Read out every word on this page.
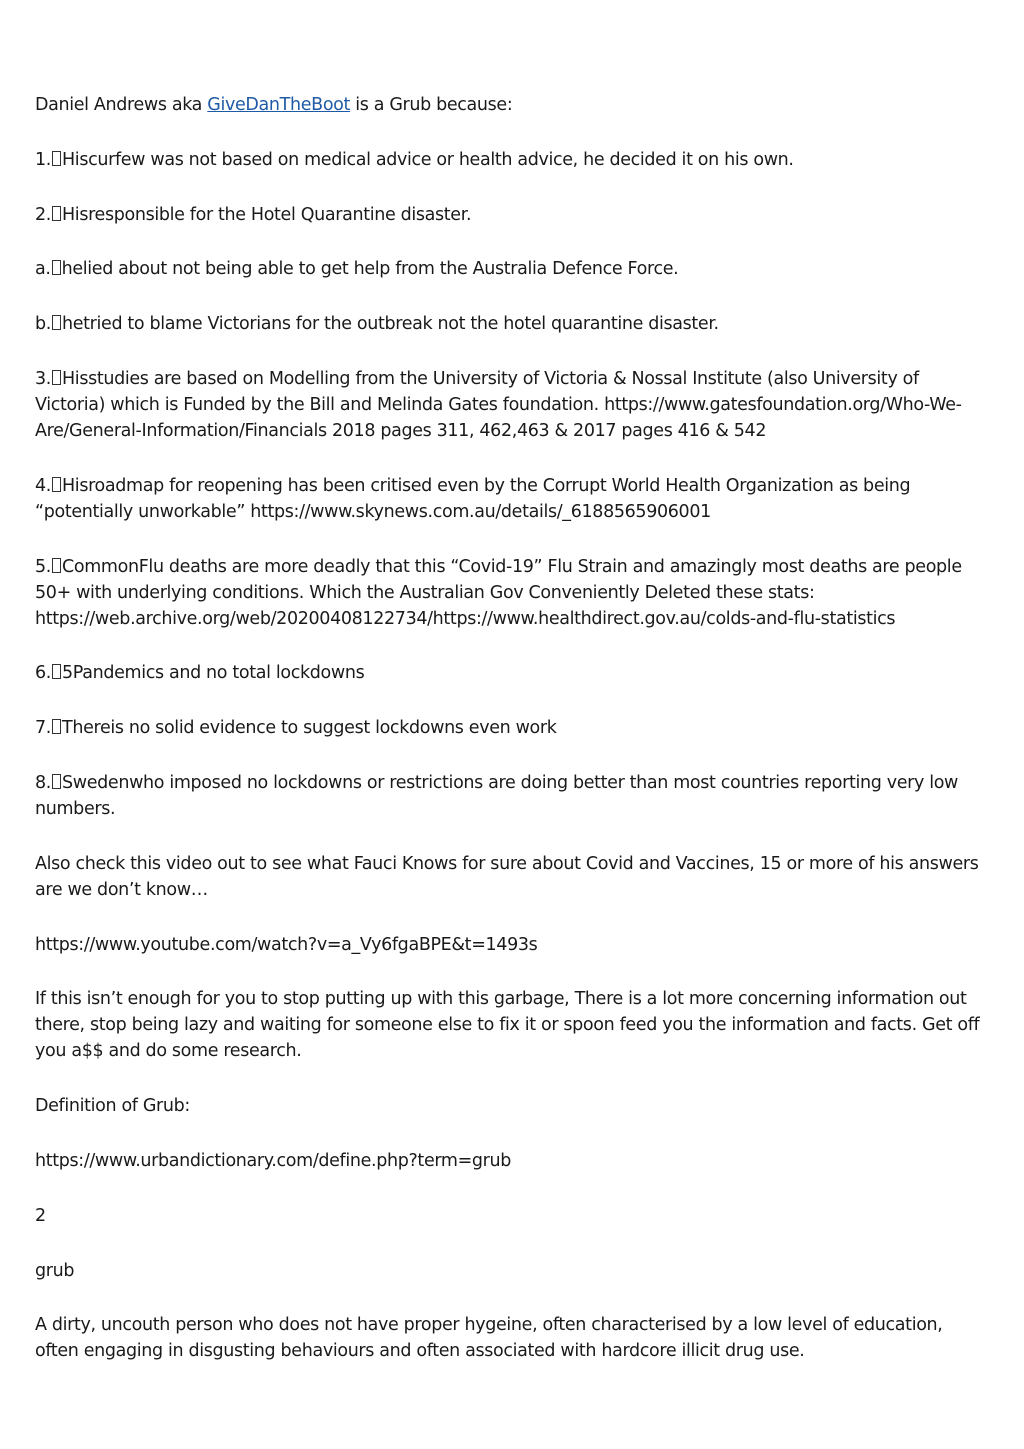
Daniel Andrews aka GiveDanTheBoot is a Grub because:

1. Hiscurfew was not based on medical advice or health advice, he decided it on his own.

2. Hisresponsible for the Hotel Quarantine disaster.

a. helied about not being able to get help from the Australia Defence Force.

b. hetried to blame Victorians for the outbreak not the hotel quarantine disaster.

3. Hisstudies are based on Modelling from the University of Victoria & Nossal Institute (also University of Victoria) which is Funded by the Bill and Melinda Gates foundation. https://www.gatesfoundation.org/Who-We-Are/General-Information/Financials 2018 pages 311, 462,463 & 2017 pages 416 & 542

4. Hisroadmap for reopening has been critised even by the Corrupt World Health Organization as being “potentially unworkable” https://www.skynews.com.au/details/_6188565906001

5. CommonFlu deaths are more deadly that this “Covid-19” Flu Strain and amazingly most deaths are people 50+ with underlying conditions. Which the Australian Gov Conveniently Deleted these stats: https://web.archive.org/web/20200408122734/https://www.healthdirect.gov.au/colds-and-flu-statistics

6. 5Pandemics and no total lockdowns

7. Thereis no solid evidence to suggest lockdowns even work

8. Swedenwho imposed no lockdowns or restrictions are doing better than most countries reporting very low numbers.

Also check this video out to see what Fauci Knows for sure about Covid and Vaccines, 15 or more of his answers are we don’t know…

https://www.youtube.com/watch?v=a_Vy6fgaBPE&t=1493s

If this isn’t enough for you to stop putting up with this garbage, There is a lot more concerning information out there, stop being lazy and waiting for someone else to fix it or spoon feed you the information and facts. Get off you a$$ and do some research.

Definition of Grub:

https://www.urbandictionary.com/define.php?term=grub

2

grub

A dirty, uncouth person who does not have proper hygeine, often characterised by a low level of education, often engaging in disgusting behaviours and often associated with hardcore illicit drug use.
